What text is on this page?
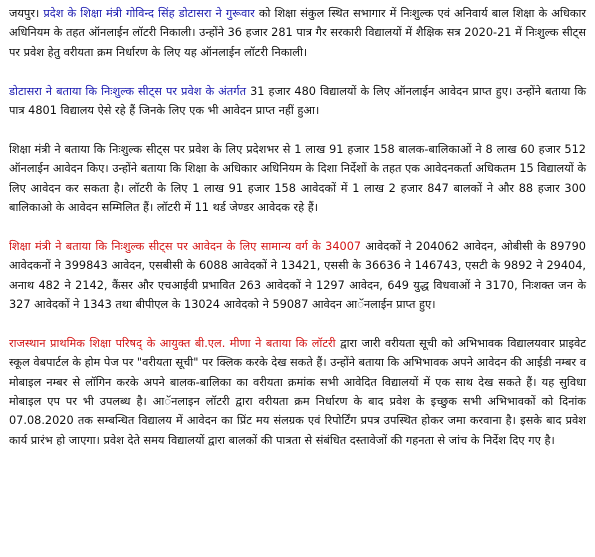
जयपुर। प्रदेश के शिक्षा मंत्री गोविन्द सिंह डोटासरा ने गुरूवार को शिक्षा संकुल स्थित सभागार में निःशुल्क एवं अनिवार्य बाल शिक्षा के अधिकार अधिनियम के तहत ऑनलाईन लॉटरी निकाली। उन्होंने 36 हजार 281 पात्र गैर सरकारी विद्यालयों में शैक्षिक सत्र 2020-21 में निःशुल्क सीट्स पर प्रवेश हेतु वरीयता क्रम निर्धारण के लिए यह ऑनलाईन लॉटरी निकाली।

डोटासरा ने बताया कि निःशुल्क सीट्स पर प्रवेश के अंतर्गत 31 हजार 480 विद्यालयों के लिए ऑनलाईन आवेदन प्राप्त हुए। उन्होंने बताया कि पात्र 4801 विद्यालय ऐसे रहे हैं जिनके लिए एक भी आवेदन प्राप्त नहीं हुआ।

शिक्षा मंत्री ने बताया कि निःशुल्क सीट्स पर प्रवेश के लिए प्रदेशभर से 1 लाख 91 हजार 158 बालक-बालिकाओं ने 8 लाख 60 हजार 512 ऑनलाईन आवेदन किए। उन्होंने बताया कि शिक्षा के अधिकार अधिनियम के दिशा निर्देशों के तहत एक आवेदनकर्ता अधिकतम 15 विद्यालयों के लिए आवेदन कर सकता है। लॉटरी के लिए 1 लाख 91 हजार 158 आवेदकों में 1 लाख 2 हजार 847 बालकों ने और 88 हजार 300 बालिकाओ के आवेदन सम्मिलित हैं। लॉटरी में 11 थर्ड जेण्डर आवेदक रहे हैं।

शिक्षा मंत्री ने बताया कि निःशुल्क सीट्स पर आवेदन के लिए सामान्य वर्ग के 34007 आवेदकों ने 204062 आवेदन, ओबीसी के 89790 आवेदकनों ने 399843 आवेदन, एसबीसी के 6088 आवेदकों ने 13421, एससी के 36636 ने 146743, एसटी के 9892 ने 29404, अनाथ 482 ने 2142, कैंसर और एचआईवी प्रभावित 263 आवेदकों ने 1297 आवेदन, 649 युद्ध विधवाओं ने 3170, निःशक्त जन के 327 आवेदकों ने 1343 तथा बीपीएल के 13024 आवेदको ने 59087 आवेदन आॅनलाईन प्राप्त हुए।

राजस्थान प्राथमिक शिक्षा परिषद् के आयुक्त बी.एल. मीणा ने बताया कि लॉटरी द्वारा जारी वरीयता सूची को अभिभावक विद्यालयवार प्राइवेट स्कूल वेबपार्टल के होम पेज पर "वरीयता सूची" पर क्लिक करके देख सकते हैं। उन्होंने बताया कि अभिभावक अपने आवेदन की आईडी नम्बर व मोबाइल नम्बर से लॉगिन करके अपने बालक-बालिका का वरीयता क्रमांक सभी आवेदित विद्यालयों में एक साथ देख सकते हैं। यह सुविधा मोबाइल एप पर भी उपलब्ध है। आॅनलाइन लॉटरी द्वारा वरीयता क्रम निर्धारण के बाद प्रवेश के इच्छुक सभी अभिभावकों को दिनांक 07.08.2020 तक सम्बन्धित विद्यालय में आवेदन का प्रिंट मय संलग्रक एवं रिपोर्टिंग प्रपत्र उपस्थित होकर जमा करवाना है। इसके बाद प्रवेश कार्य प्रारंभ हो जाएगा। प्रवेश देते समय विद्यालयों द्वारा बालकों की पात्रता से संबंधित दस्तावेजों की गहनता से जांच के निर्देश दिए गए है।
